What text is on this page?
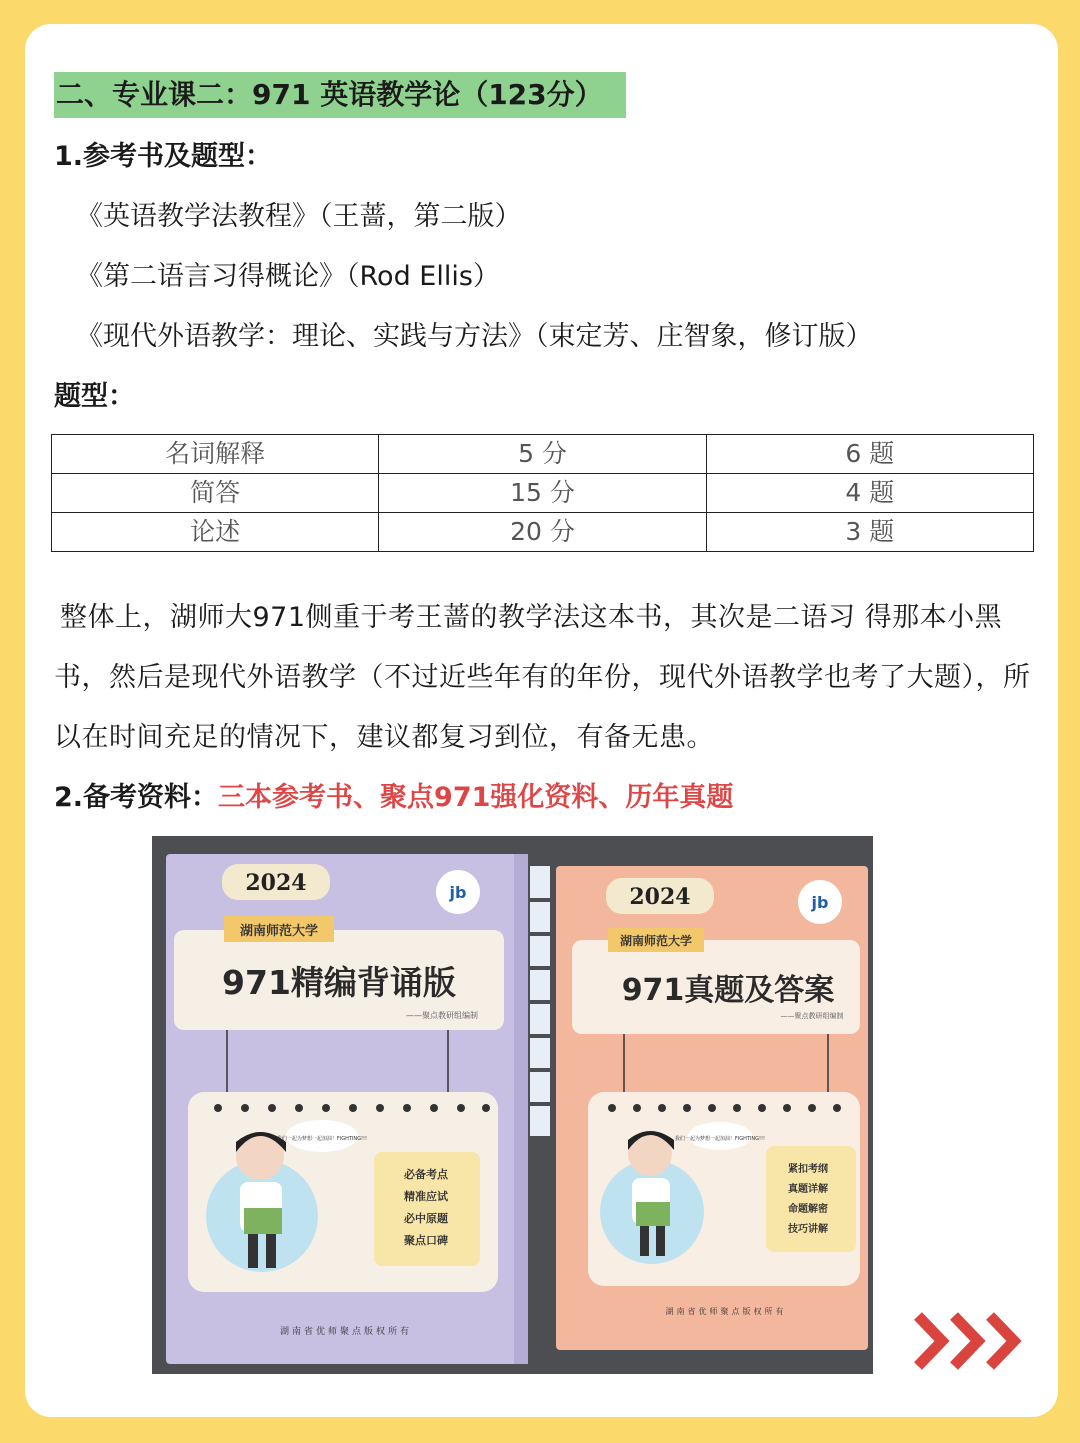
二、专业课二：971 英语教学论（123分）
1.参考书及题型：
《英语教学法教程》（王蔷，第二版）
《第二语言习得概论》（Rod Ellis）
《现代外语教学：理论、实践与方法》（束定芳、庄智象，修订版）
题型：
名词解释	5 分	6 题
简答	15 分	4 题
论述	20 分	3 题
整体上，湖师大971侧重于考王蔷的教学法这本书，其次是二语习 得那本小黑书，然后是现代外语教学（不过近些年有的年份，现代外语教学也考了大题），所以在时间充足的情况下，建议都复习到位，有备无患。
2.备考资料：三本参考书、聚点971强化资料、历年真题
2024	jb
湖南师范大学
971精编背诵版
——聚点教研组编制
我们一起为梦想一起加油！FIGHTING!!!
必备考点
精准应试
必中原题
聚点口碑
湖南省优师聚点版权所有
2024	jb
湖南师范大学
971真题及答案
——聚点教研组编制
我们一起为梦想一起加油！FIGHTING!!!
紧扣考纲
真题详解
命题解密
技巧讲解
湖南省优师聚点版权所有
